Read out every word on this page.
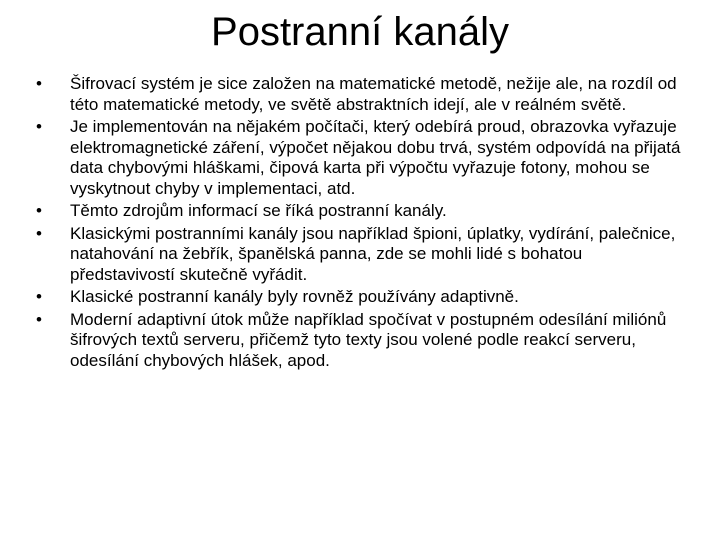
Postranní kanály
•	Šifrovací systém je sice založen na matematické metodě, nežije ale, na rozdíl od této matematické metody, ve světě abstraktních idejí, ale v reálném světě.
•	Je implementován na nějakém počítači, který odebírá proud, obrazovka vyřazuje elektromagnetické záření, výpočet nějakou dobu trvá, systém odpovídá na přijatá data chybovými hláškami, čipová karta při výpočtu vyřazuje fotony, mohou se vyskytnout chyby v implementaci, atd.
•	Těmto zdrojům informací se říká postranní kanály.
•	Klasickými postranními kanály jsou například špioni, úplatky, vydírání, palečnice, natahování na žebřík, španělská panna, zde se mohli lidé s bohatou představivostí skutečně vyřádit.
•	Klasické postranní kanály byly rovněž používány adaptivně.
•	Moderní adaptivní útok může například spočívat v postupném odesílání miliónů šifrových textů serveru, přičemž tyto texty jsou volené podle reakcí serveru, odesílání chybových hlášek, apod.
